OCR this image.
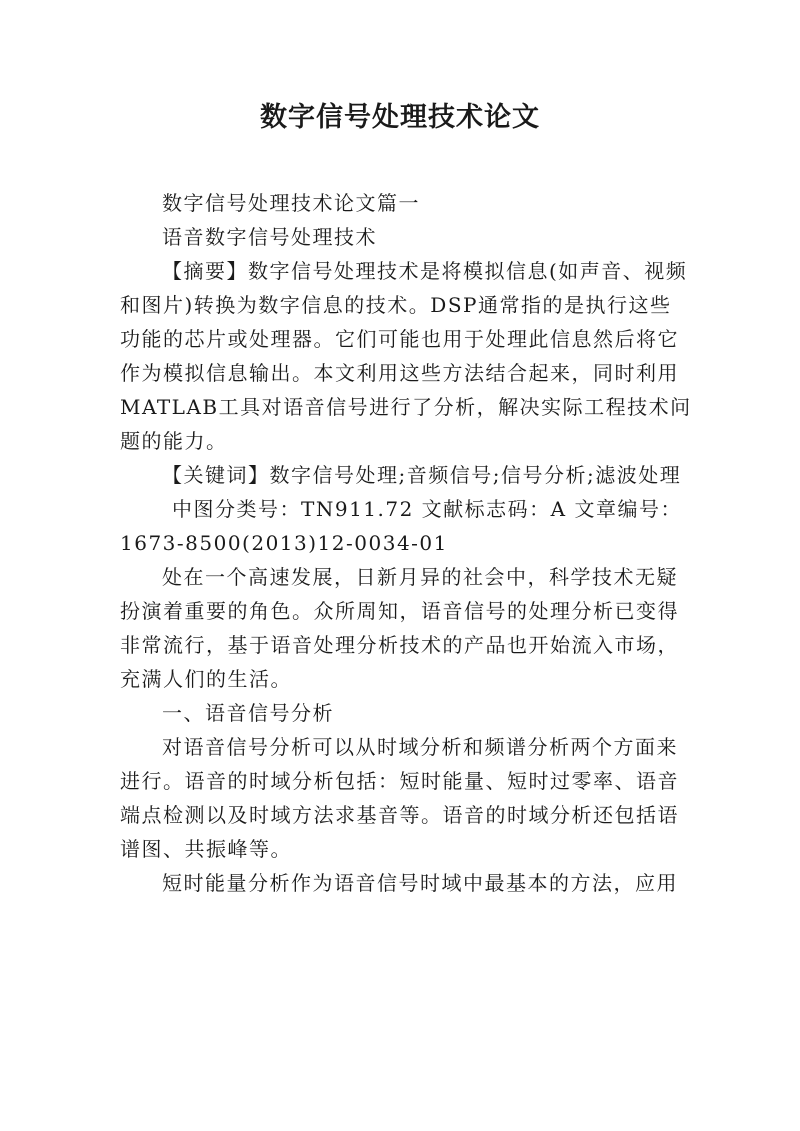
数字信号处理技术论文

数字信号处理技术论文篇一

语音数字信号处理技术

【摘要】数字信号处理技术是将模拟信息(如声音、视频和图片)转换为数字信息的技术。DSP通常指的是执行这些功能的芯片或处理器。它们可能也用于处理此信息然后将它作为模拟信息输出。本文利用这些方法结合起来，同时利用MATLAB工具对语音信号进行了分析，解决实际工程技术问题的能力。

【关键词】数字信号处理;音频信号;信号分析;滤波处理

中图分类号：TN911.72 文献标志码：A 文章编号：1673-8500(2013)12-0034-01

处在一个高速发展，日新月异的社会中，科学技术无疑扮演着重要的角色。众所周知，语音信号的处理分析已变得非常流行，基于语音处理分析技术的产品也开始流入市场，充满人们的生活。

一、语音信号分析

对语音信号分析可以从时域分析和频谱分析两个方面来进行。语音的时域分析包括：短时能量、短时过零率、语音端点检测以及时域方法求基音等。语音的时域分析还包括语谱图、共振峰等。

短时能量分析作为语音信号时域中最基本的方法，应用
